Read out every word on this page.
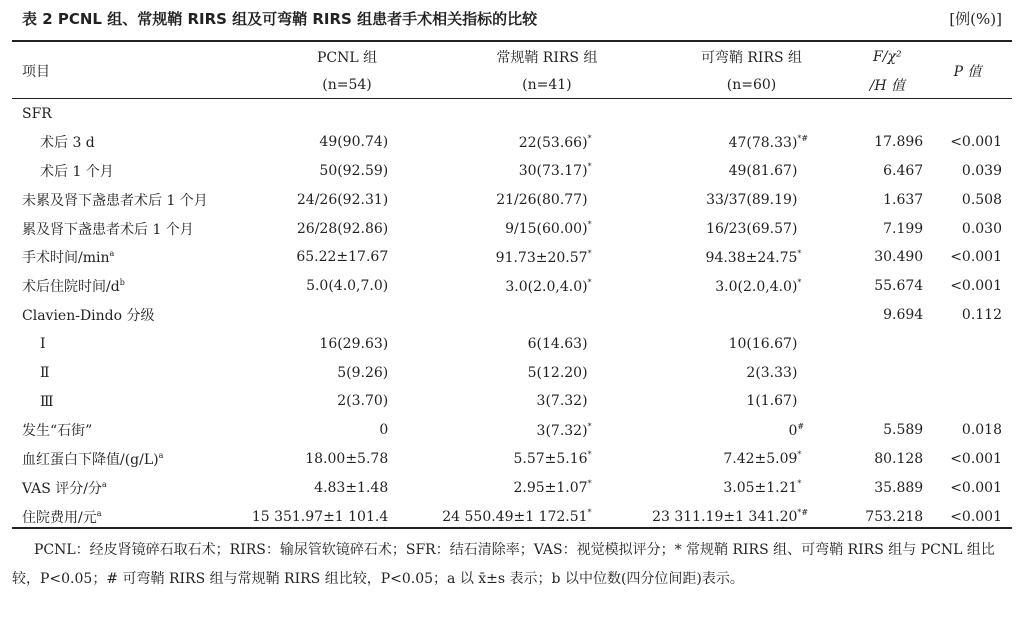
表 2 PCNL 组、常规鞘 RIRS 组及可弯鞘 RIRS 组患者手术相关指标的比较	[例(%)]
项目	PCNL 组	常规鞘 RIRS 组	可弯鞘 RIRS 组	F/χ²	P 值
	(n=54)	(n=41)	(n=60)	/H 值	
SFR					
术后 3 d	49(90.74)	22(53.66)*	47(78.33)*#	17.896	<0.001
术后 1 个月	50(92.59)	30(73.17)*	49(81.67)	6.467	0.039
未累及肾下盏患者术后 1 个月	24/26(92.31)	21/26(80.77)	33/37(89.19)	1.637	0.508
累及肾下盏患者术后 1 个月	26/28(92.86)	9/15(60.00)*	16/23(69.57)	7.199	0.030
手术时间$/\min^a$	65.22±17.67	91.73±20.57*	94.38±24.75*	30.490	<0.001
术后住院时间$/d^b$	5.0(4.0,7.0)	3.0(2.0,4.0)*	3.0(2.0,4.0)*	55.674	<0.001
Clavien-Dindo 分级				9.694	0.112
Ⅰ	16(29.63)	6(14.63)	10(16.67)		
Ⅱ	5(9.26)	5(12.20)	2(3.33)		
Ⅲ	2(3.70)	3(7.32)	1(1.67)		
发生“石街”	0	3(7.32)*	0#	5.589	0.018
血红蛋白下降值$/(g/L)^a$	18.00±5.78	5.57±5.16*	7.42±5.09*	80.128	<0.001
VAS 评分/分$^a$	4.83±1.48	2.95±1.07*	3.05±1.21*	35.889	<0.001
住院费用/元$^a$	15 351.97±1 101.4	24 550.49±1 172.51*	23 311.19±1 341.20*#	753.218	<0.001
PCNL：经皮肾镜碎石取石术；RIRS：输尿管软镜碎石术；SFR：结石清除率；VAS：视觉模拟评分；* 常规鞘 RIRS 组、可弯鞘 RIRS 组与 PCNL 组比较，P<0.05；# 可弯鞘 RIRS 组与常规鞘 RIRS 组比较，P<0.05；a 以 x̄±s 表示；b 以中位数(四分位间距)表示。
